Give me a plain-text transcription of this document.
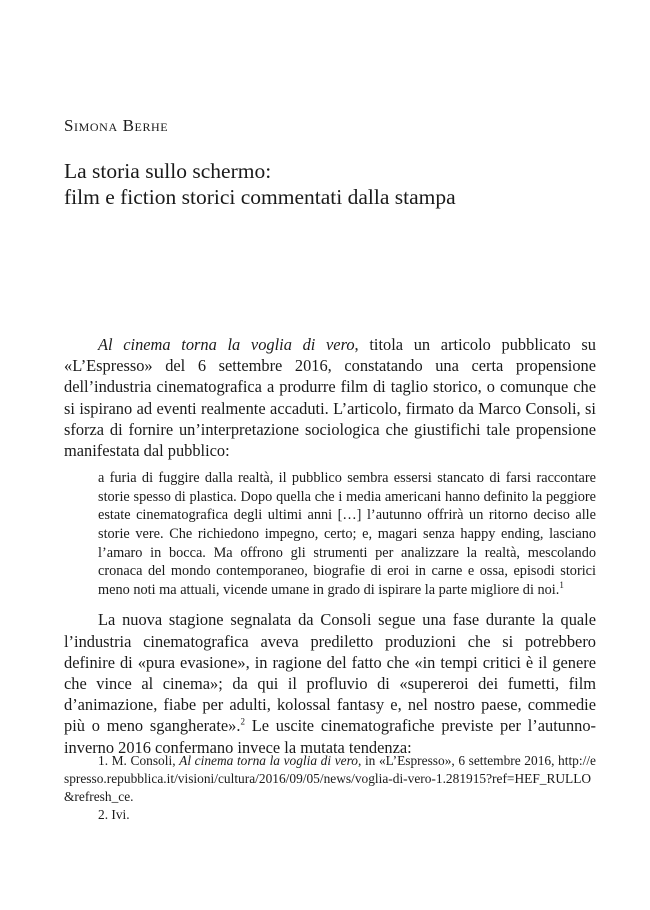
Simona Berhe
La storia sullo schermo:
film e fiction storici commentati dalla stampa

Al cinema torna la voglia di vero, titola un articolo pubblicato su «L’Espresso» del 6 settembre 2016, constatando una certa propensione dell’industria cinematografica a produrre film di taglio storico, o comunque che si ispirano ad eventi realmente accaduti. L’articolo, firmato da Marco Consoli, si sforza di fornire un’interpretazione sociologica che giustifichi tale propensione manifestata dal pubblico:

a furia di fuggire dalla realtà, il pubblico sembra essersi stancato di farsi raccontare storie spesso di plastica. Dopo quella che i media americani hanno definito la peggiore estate cinematografica degli ultimi anni […] l’autunno offrirà un ritorno deciso alle storie vere. Che richiedono impegno, certo; e, magari senza happy ending, lasciano l’amaro in bocca. Ma offrono gli strumenti per analizzare la realtà, mescolando cronaca del mondo contemporaneo, biografie di eroi in carne e ossa, episodi storici meno noti ma attuali, vicende umane in grado di ispirare la parte migliore di noi.$^1$

La nuova stagione segnalata da Consoli segue una fase durante la quale l’industria cinematografica aveva prediletto produzioni che si potrebbero definire di «pura evasione», in ragione del fatto che «in tempi critici è il genere che vince al cinema»; da qui il profluvio di «supereroi dei fumetti, film d’animazione, fiabe per adulti, kolossal fantasy e, nel nostro paese, commedie più o meno sgangherate».$^2$ Le uscite cinematografiche previste per l’autunno-inverno 2016 confermano invece la mutata tendenza:

1. M. Consoli, Al cinema torna la voglia di vero, in «L’Espresso», 6 settembre 2016, http://espresso.repubblica.it/visioni/cultura/2016/09/05/news/voglia-di-vero-1.281915?ref=HEF_RULLO&refresh_ce.

2. Ivi.
